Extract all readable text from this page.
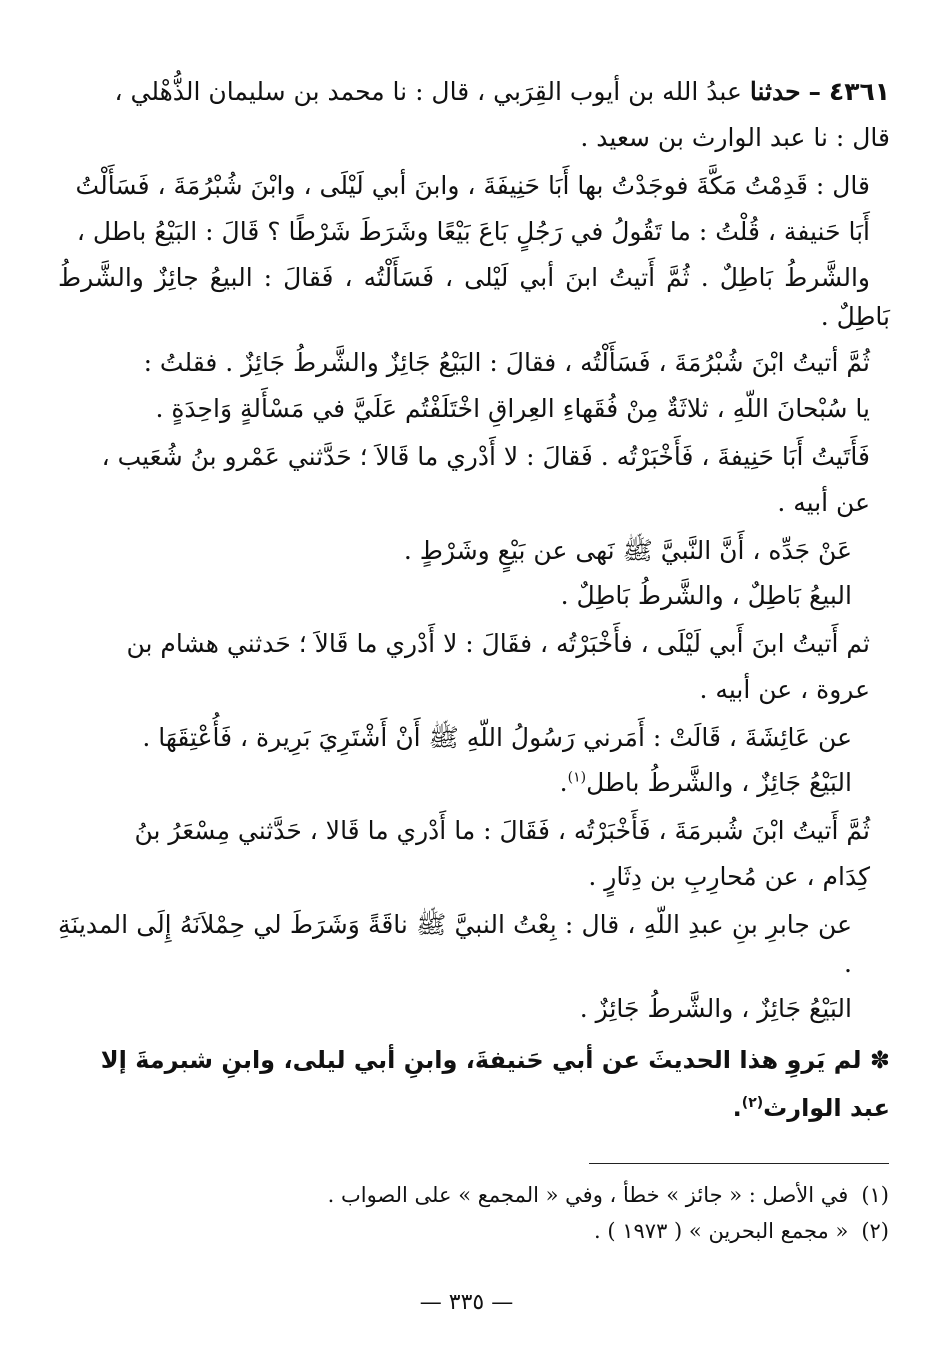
٤٣٦١ – حدثنا عبدُ الله بن أيوب القِرَبي ، قال : نا محمد بن سليمان الذُّهْلي ،
قال : نا عبد الوارث بن سعيد .
قال : قَدِمْتُ مَكَّةَ فوجَدْتُ بها أَبَا حَنِيفَةَ ، وابنَ أبي لَيْلَى ، وابْنَ شُبْرُمَةَ ، فَسَأَلْتُ
أَبَا حَنيفة ، قُلْتُ : ما تَقُولُ في رَجُلٍ بَاعَ بَيْعًا وشَرَطَ شَرْطًا ؟ قَالَ : البَيْعُ باطل ،
والشَّرطُ بَاطِلٌ . ثُمَّ أَتيتُ ابنَ أبي لَيْلى ، فَسَأَلْتُه ، فَقالَ : البيعُ جائِزٌ والشَّرطُ بَاطِلٌ .
ثُمَّ أتيتُ ابْنَ شُبْرُمَةَ ، فَسَأَلْتُه ، فقالَ : البَيْعُ جَائِزٌ والشَّرطُ جَائِزٌ . فقلتُ :
يا سُبْحانَ اللّهِ ، ثلاثَةٌ مِنْ فُقَهاءِ العِراقِ اخْتَلَفْتُم عَلَيَّ في مَسْأَلةٍ وَاحِدَةٍ .
فَأَتَيتُ أَبَا حَنِيفةَ ، فَأَخْبَرْتُه . فَقالَ : لا أَدْري ما قَالاَ ؛ حَدَّثني عَمْرو بنُ شُعَيب ،
عن أبيه .
عَنْ جَدِّه ، أَنَّ النَّبيَّ ﷺ نَهى عن بَيْعٍ وشَرْطٍ .
البيعُ بَاطِلٌ ، والشَّرطُ بَاطِلٌ .
ثم أَتيتُ ابنَ أَبي لَيْلَى ، فأَخْبَرْتُه ، فقَالَ : لا أَدْري ما قَالاَ ؛ حَدثني هشام بن
عروة ، عن أبيه .
عن عَائِشَةَ ، قَالَتْ : أَمَرني رَسُولُ اللّهِ ﷺ أَنْ أَشْتَرِيَ بَرِيرة ، فَأُعْتِقَهَا .
البَيْعُ جَائِزٌ ، والشَّرطُ باطل$^{(١)}$.
ثُمَّ أَتيتُ ابْنَ شُبرمَةَ ، فَأَخْبَرْتُه ، فَقَالَ : ما أَدْري ما قَالا ، حَدَّثني مِسْعَرُ بنُ
كِدَام ، عن مُحارِبِ بن دِثَارٍ .
عن جابرِ بنِ عبدِ اللّهِ ، قال : بِعْتُ النبيَّ ﷺ ناقَةً وَشَرَطَ لي حِمْلاَنَهُ إِلَى المدينَةِ .
البَيْعُ جَائِزٌ ، والشَّرطُ جَائِزٌ .
✽ لم يَروِ هذا الحديثَ عن أبي حَنيفةَ، وابنِ أبي ليلى، وابنِ شبرمةَ إلا
عبد الوارث$^{(٢)}$.
(١) في الأصل : « جائز » خطأ ، وفي « المجمع » على الصواب .
(٢) « مجمع البحرين » ( ١٩٧٣ ) .
— ٣٣٥ —
